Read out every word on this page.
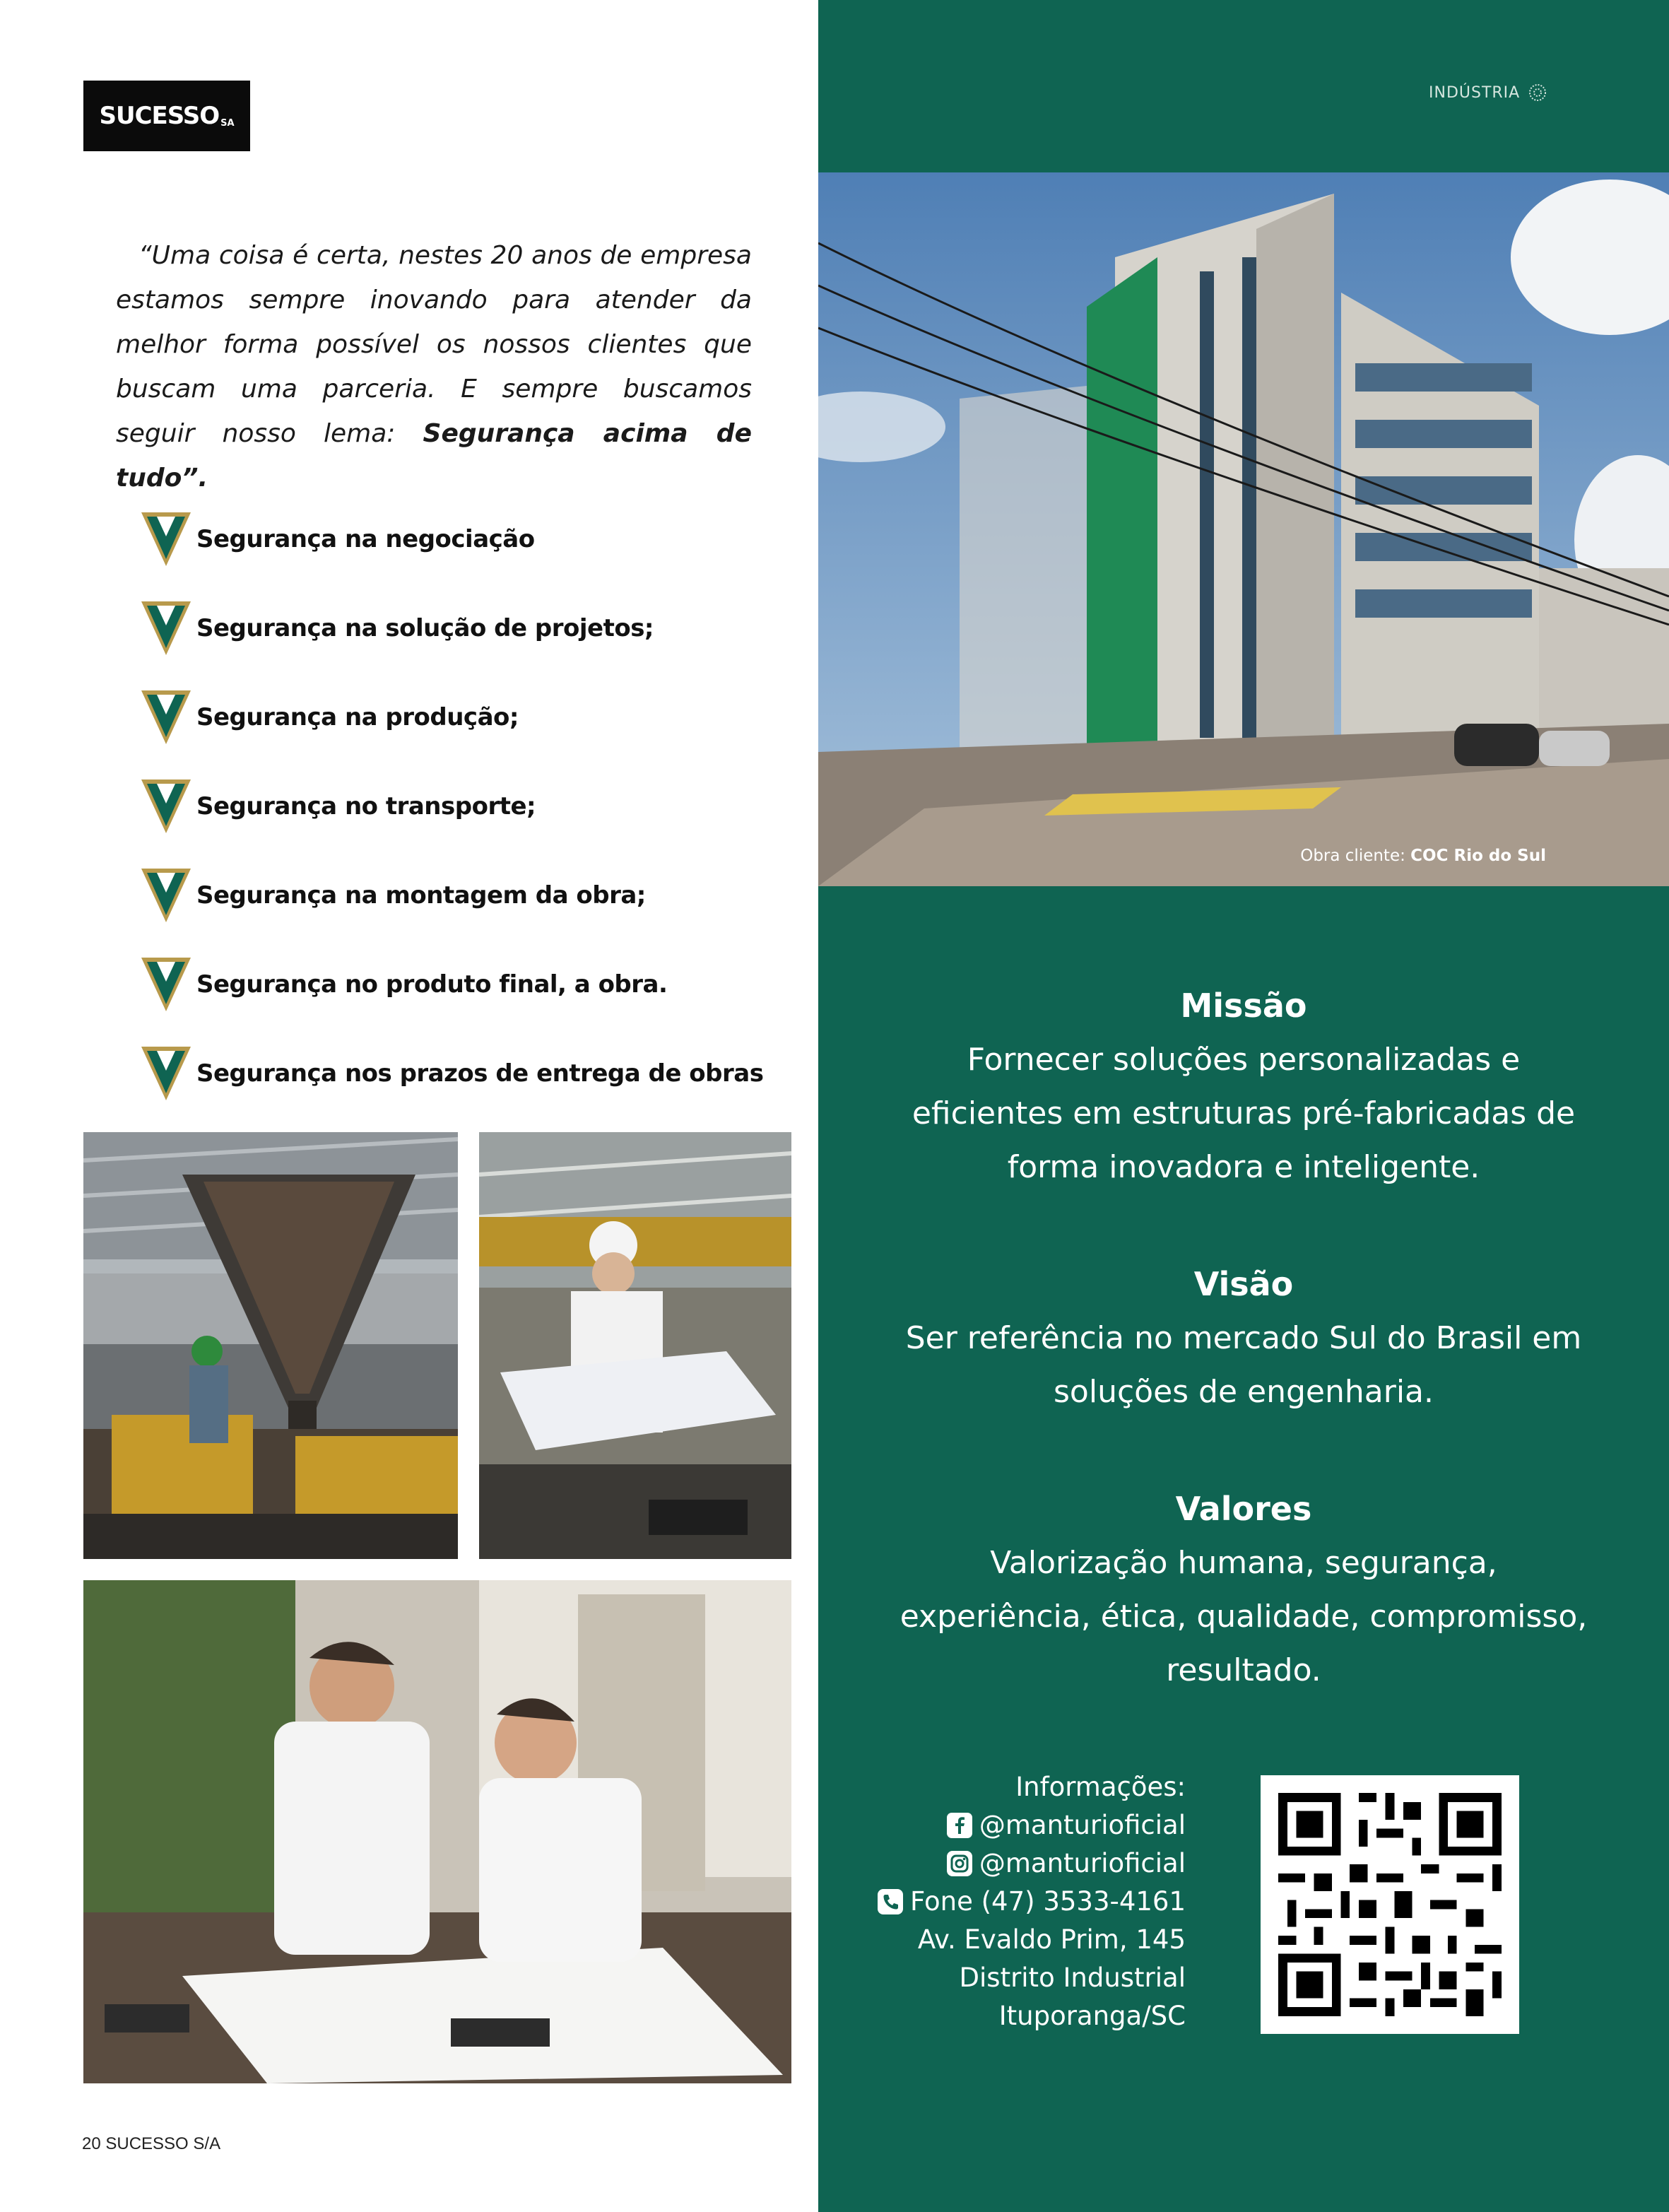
SUCESSO SA
“Uma coisa é certa, nestes 20 anos de empresa estamos sempre inovando para atender da melhor forma possível os nossos clientes que buscam uma parceria. E sempre buscamos seguir nosso lema: Segurança acima de tudo”.
Segurança na negociação
Segurança na solução de projetos;
Segurança na produção;
Segurança no transporte;
Segurança na montagem da obra;
Segurança no produto final, a obra.
Segurança nos prazos de entrega de obras
20 SUCESSO S/A
INDÚSTRIA
Obra cliente: COC Rio do Sul
Missão
Fornecer soluções personalizadas e eficientes em estruturas pré-fabricadas de forma inovadora e inteligente.
Visão
Ser referência no mercado Sul do Brasil em soluções de engenharia.
Valores
Valorização humana, segurança, experiência, ética, qualidade, compromisso, resultado.
Informações:
@manturioficial
@manturioficial
Fone (47) 3533-4161
Av. Evaldo Prim, 145
Distrito Industrial
Ituporanga/SC
